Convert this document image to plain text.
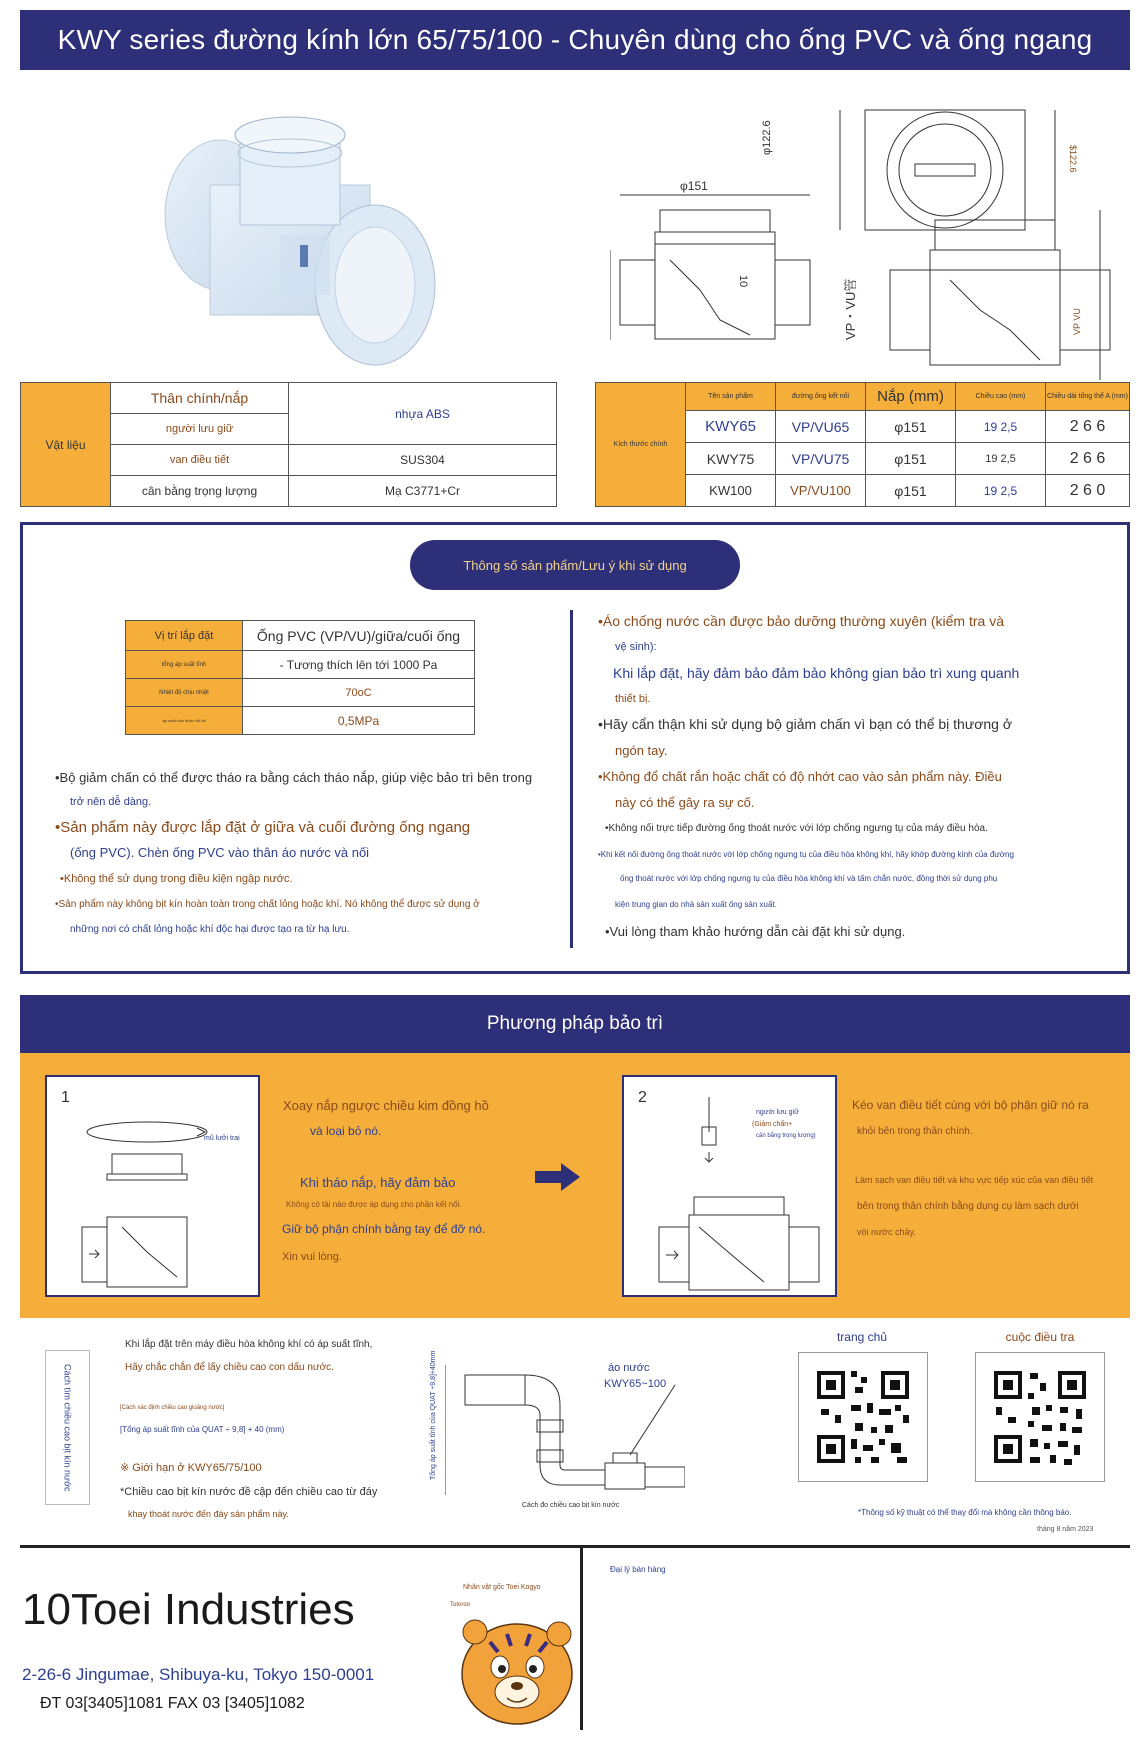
KWY series đường kính lớn 65/75/100 - Chuyên dùng cho ống PVC và ống ngang
φ151
φ122.6
$122.6
10	VP・VU管	VP VU
Vật liệu	Thân chính/nắp	nhựa ABS
	người lưu giữ	
	van điều tiết	SUS304
	cân bằng trọng lượng	Mạ C3771+Cr
Kích thước chính	Tên sản phẩm	đường ống kết nối	Nắp (mm)	Chiều cao (mm)	Chiều dài tổng thể A (mm)
	KWY65	VP/VU65	φ151	19 2,5	2 6 6
	KWY75	VP/VU75	φ151	19 2,5	2 6 6
	KW100	VP/VU100	φ151	19 2,5	2 6 0
Thông số sản phẩm/Lưu ý khi sử dụng
Vị trí lắp đặt	Ống PVC (VP/VU)/giữa/cuối ống
tổng áp suất tĩnh	- Tương thích lên tới 1000 Pa
Nhiệt độ chịu nhiệt	70oC
áp suất chịu được tối đa	0,5MPa
•Bộ giảm chấn có thể được tháo ra bằng cách tháo nắp, giúp việc bảo trì bên trong
trở nên dễ dàng.
•Sản phẩm này được lắp đặt ở giữa và cuối đường ống ngang
(ống PVC). Chèn ống PVC vào thân áo nước và nối
•Không thể sử dụng trong điều kiện ngập nước.
•Sản phẩm này không bịt kín hoàn toàn trong chất lỏng hoặc khí. Nó không thể được sử dụng ở
những nơi có chất lỏng hoặc khí độc hại được tạo ra từ hạ lưu.
•Áo chống nước cần được bảo dưỡng thường xuyên (kiểm tra và
vệ sinh):
Khi lắp đặt, hãy đảm bảo đảm bảo không gian bảo trì xung quanh
thiết bị.
•Hãy cẩn thận khi sử dụng bộ giảm chấn vì bạn có thể bị thương ở
ngón tay.
•Không đổ chất rắn hoặc chất có độ nhớt cao vào sản phẩm này. Điều
này có thể gây ra sự cố.
•Không nối trực tiếp đường ống thoát nước với lớp chống ngưng tụ của máy điều hòa.
•Khi kết nối đường ống thoát nước với lớp chống ngưng tụ của điều hòa không khí, hãy khớp đường kính của đường
ống thoát nước với lớp chống ngưng tụ của điều hòa không khí và tấm chắn nước, đồng thời sử dụng phụ
kiện trung gian do nhà sản xuất ống sản xuất.
•Vui lòng tham khảo hướng dẫn cài đặt khi sử dụng.
Phương pháp bảo trì
1
mũ lưỡi trai
Xoay nắp ngược chiều kim đồng hồ
và loại bỏ nó.
Khi tháo nắp, hãy đảm bảo
Không có tải nào được áp dụng cho phần kết nối.
Giữ bộ phận chính bằng tay để đỡ nó.
Xin vui lòng.
2
người lưu giữ
(Giảm chấn+
cân bằng trọng lượng)
Kéo van điều tiết cùng với bộ phận giữ nó ra
khỏi bên trong thân chính.
Làm sạch van điều tiết và khu vực tiếp xúc của van điều tiết
bên trong thân chính bằng dụng cụ làm sạch dưới
vòi nước chảy.
Cách tìm chiều cao bịt kín nước
Khi lắp đặt trên máy điều hòa không khí có áp suất tĩnh,
Hãy chắc chắn để lấy chiều cao con dấu nước.
[Cách xác định chiều cao gioăng nước]
[Tổng áp suất tĩnh của QUAT ÷ 9,8] + 40 (mm)
※ Giới hạn ở KWY65/75/100
*Chiều cao bịt kín nước đề cập đến chiều cao từ đáy
khay thoát nước đến đáy sản phẩm này.
áo nước
KWY65~100
Tổng áp suất tĩnh của QUAT ÷9,8]+40mm
Cách đo chiều cao bịt kín nước
trang chủ	cuộc điều tra
*Thông số kỹ thuật có thể thay đổi mà không cần thông báo.
tháng 8 năm 2023
10Toei Industries
2-26-6 Jingumae, Shibuya-ku, Tokyo 150-0001
ĐT 03[3405]1081 FAX 03 [3405]1082
Nhân vật gốc Toei Kogyo
Totoroo
Đại lý bán hàng
